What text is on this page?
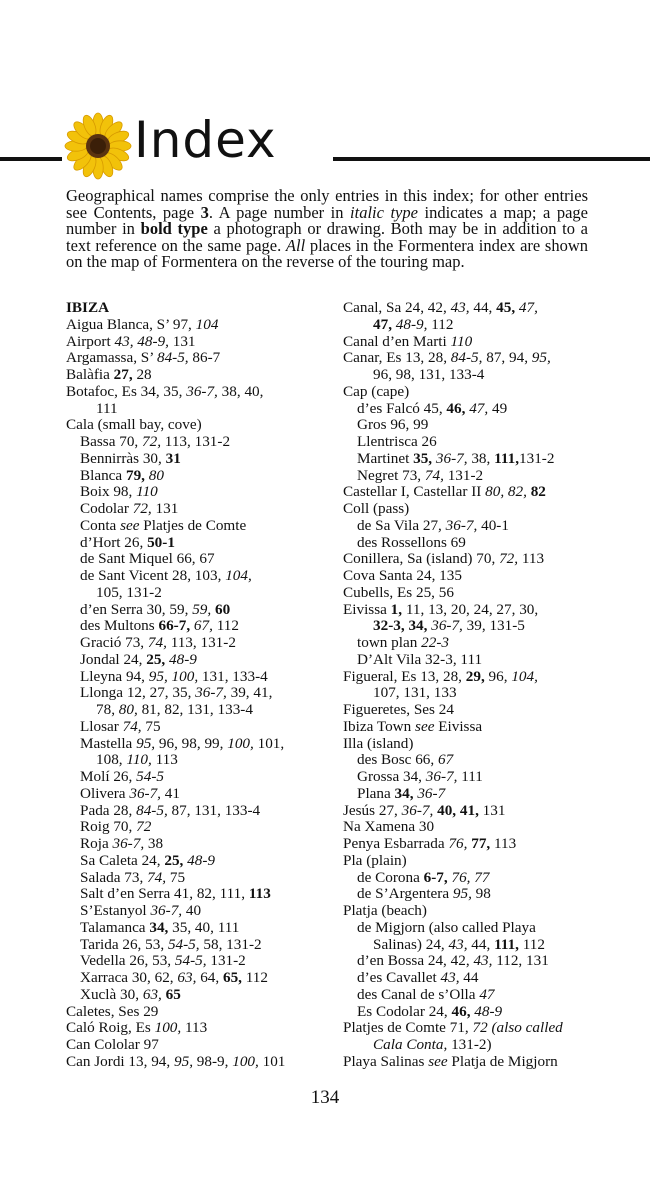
Index

Geographical names comprise the only entries in this index; for other entries see Contents, page 3. A page number in italic type indicates a map; a page number in bold type a photograph or drawing. Both may be in addition to a text reference on the same page. All places in the Formentera index are shown on the map of Formentera on the reverse of the touring map.

IBIZA
Aigua Blanca, S’ 97, 104
Airport 43, 48-9, 131
Argamassa, S’ 84-5, 86-7
Balàfia 27, 28
Botafoc, Es 34, 35, 36-7, 38, 40,
111
Cala (small bay, cove)
Bassa 70, 72, 113, 131-2
Bennirràs 30, 31
Blanca 79, 80
Boix 98, 110
Codolar 72, 131
Conta see Platjes de Comte
d’Hort 26, 50-1
de Sant Miquel 66, 67
de Sant Vicent 28, 103, 104,
105, 131-2
d’en Serra 30, 59, 59, 60
des Multons 66-7, 67, 112
Gració 73, 74, 113, 131-2
Jondal 24, 25, 48-9
Lleyna 94, 95, 100, 131, 133-4
Llonga 12, 27, 35, 36-7, 39, 41,
78, 80, 81, 82, 131, 133-4
Llosar 74, 75
Mastella 95, 96, 98, 99, 100, 101,
108, 110, 113
Molí 26, 54-5
Olivera 36-7, 41
Pada 28, 84-5, 87, 131, 133-4
Roig 70, 72
Roja 36-7, 38
Sa Caleta 24, 25, 48-9
Salada 73, 74, 75
Salt d’en Serra 41, 82, 111, 113
S’Estanyol 36-7, 40
Talamanca 34, 35, 40, 111
Tarida 26, 53, 54-5, 58, 131-2
Vedella 26, 53, 54-5, 131-2
Xarraca 30, 62, 63, 64, 65, 112
Xuclà 30, 63, 65
Caletes, Ses 29
Caló Roig, Es 100, 113
Can Cololar 97
Can Jordi 13, 94, 95, 98-9, 100, 101
Canal, Sa 24, 42, 43, 44, 45, 47,
47, 48-9, 112
Canal d’en Marti 110
Canar, Es 13, 28, 84-5, 87, 94, 95,
96, 98, 131, 133-4
Cap (cape)
d’es Falcó 45, 46, 47, 49
Gros 96, 99
Llentrisca 26
Martinet 35, 36-7, 38, 111,131-2
Negret 73, 74, 131-2
Castellar I, Castellar II 80, 82, 82
Coll (pass)
de Sa Vila 27, 36-7, 40-1
des Rossellons 69
Conillera, Sa (island) 70, 72, 113
Cova Santa 24, 135
Cubells, Es 25, 56
Eivissa 1, 11, 13, 20, 24, 27, 30,
32-3, 34, 36-7, 39, 131-5
town plan 22-3
D’Alt Vila 32-3, 111
Figueral, Es 13, 28, 29, 96, 104,
107, 131, 133
Figueretes, Ses 24
Ibiza Town see Eivissa
Illa (island)
des Bosc 66, 67
Grossa 34, 36-7, 111
Plana 34, 36-7
Jesús 27, 36-7, 40, 41, 131
Na Xamena 30
Penya Esbarrada 76, 77, 113
Pla (plain)
de Corona 6-7, 76, 77
de S’Argentera 95, 98
Platja (beach)
de Migjorn (also called Playa
Salinas) 24, 43, 44, 111, 112
d’en Bossa 24, 42, 43, 112, 131
d’es Cavallet 43, 44
des Canal de s’Olla 47
Es Codolar 24, 46, 48-9
Platjes de Comte 71, 72 (also called
Cala Conta, 131-2)
Playa Salinas see Platja de Migjorn
134
